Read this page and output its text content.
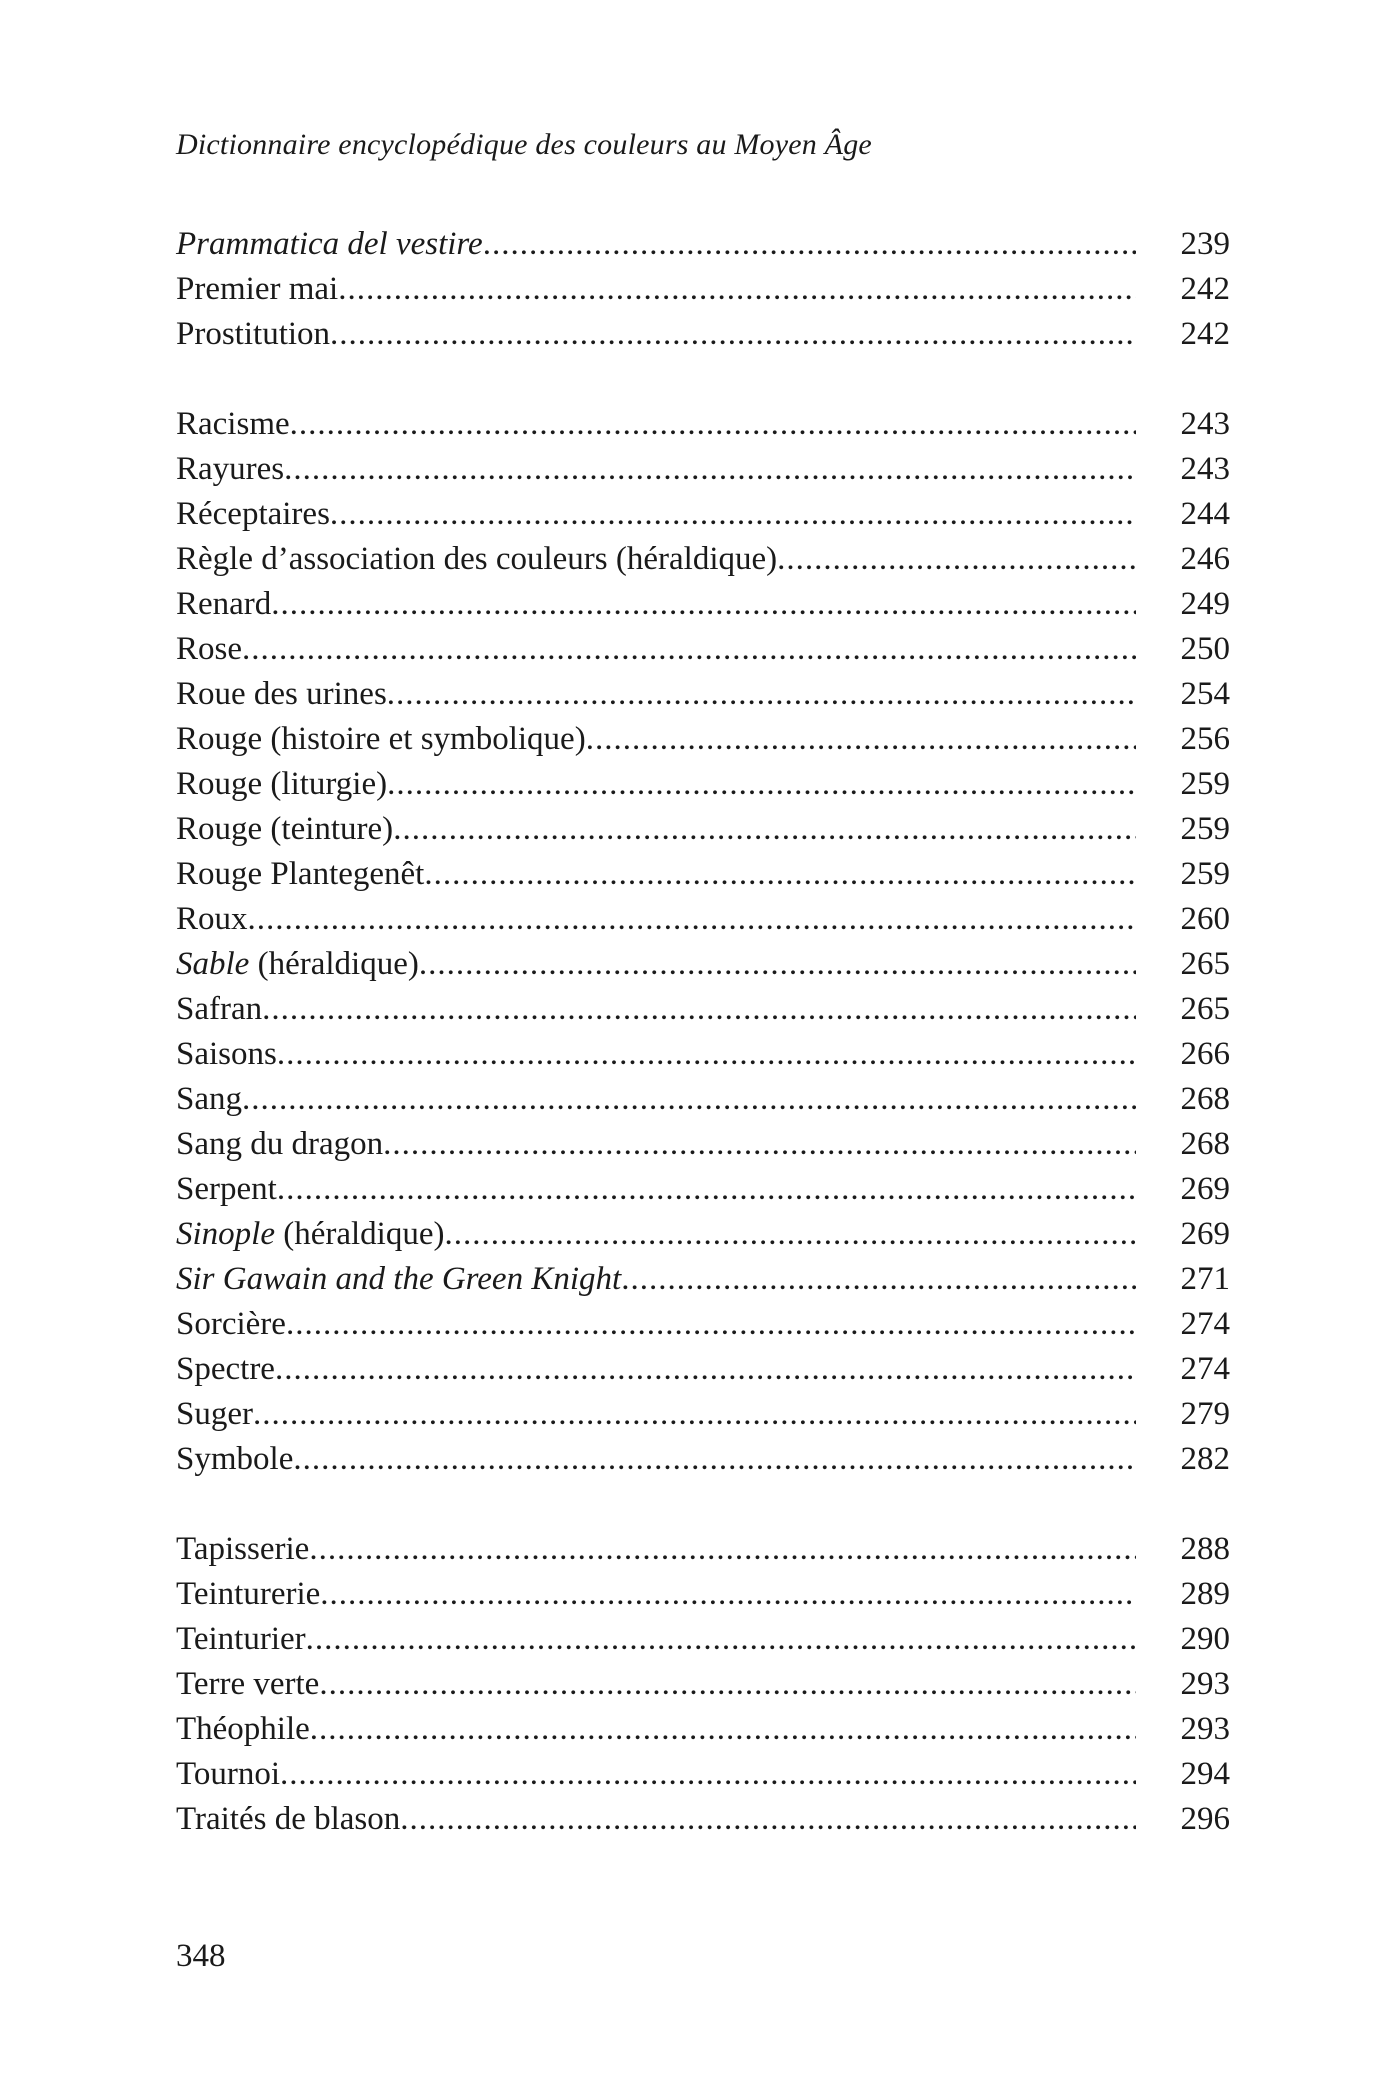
Dictionnaire encyclopédique des couleurs au Moyen Âge
Prammatica del vestire .....	239
Premier mai .....	242
Prostitution .....	242
Racisme .....	243
Rayures .....	243
Réceptaires .....	244
Règle d’association des couleurs (héraldique) .....	246
Renard .....	249
Rose .....	250
Roue des urines .....	254
Rouge (histoire et symbolique) .....	256
Rouge (liturgie) .....	259
Rouge (teinture) .....	259
Rouge Plantegenêt .....	259
Roux .....	260
Sable (héraldique) .....	265
Safran .....	265
Saisons .....	266
Sang .....	268
Sang du dragon .....	268
Serpent .....	269
Sinople (héraldique) .....	269
Sir Gawain and the Green Knight .....	271
Sorcière .....	274
Spectre .....	274
Suger .....	279
Symbole .....	282
Tapisserie .....	288
Teinturerie .....	289
Teinturier .....	290
Terre verte .....	293
Théophile .....	293
Tournoi .....	294
Traités de blason .....	296
348
